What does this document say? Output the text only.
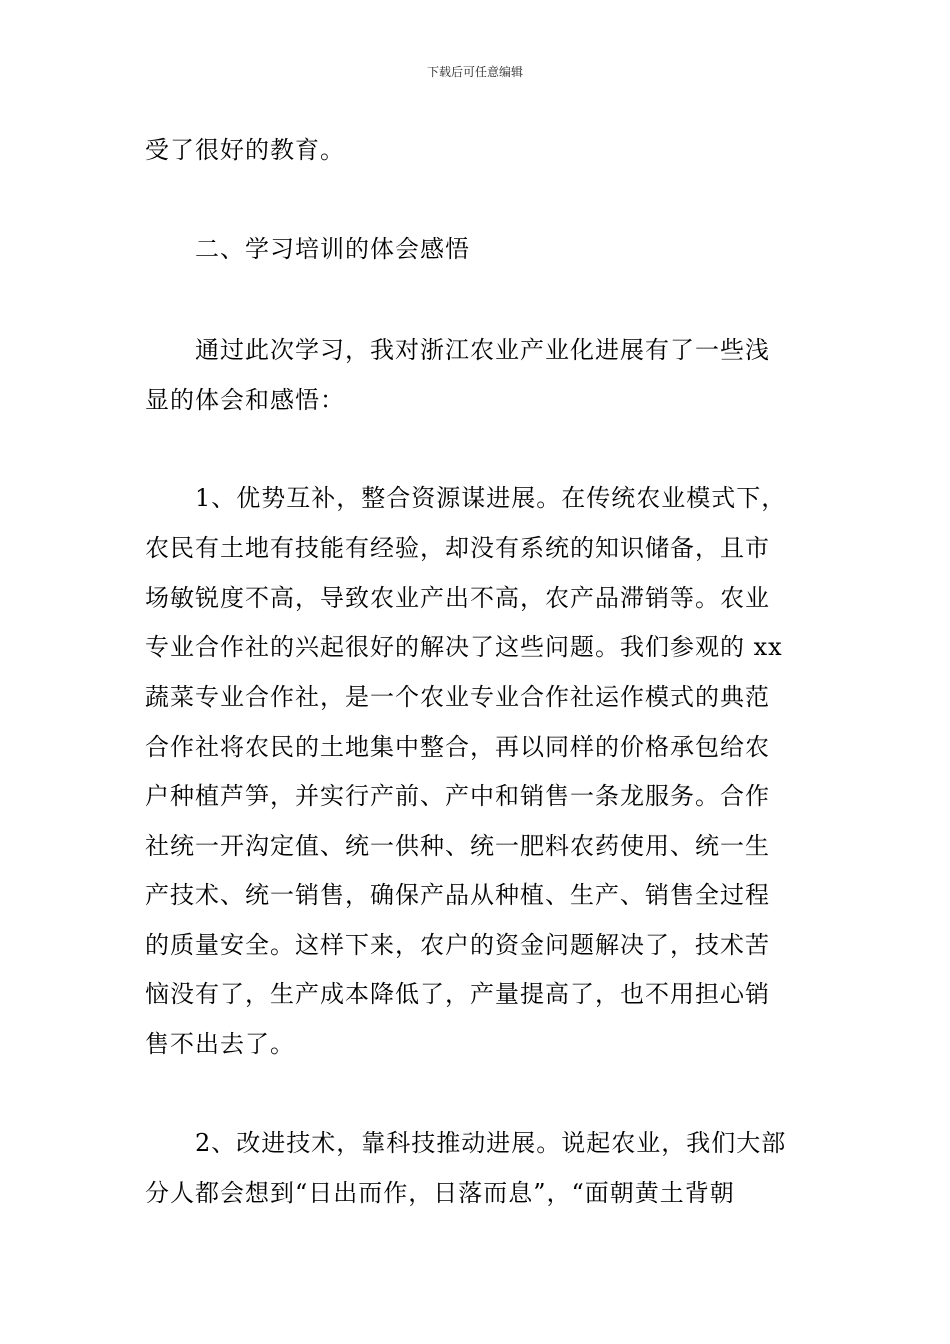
下载后可任意编辑
受了很好的教育。
　　二、学习培训的体会感悟
　　通过此次学习，我对浙江农业产业化进展有了一些浅
显的体会和感悟：
　　1、优势互补，整合资源谋进展。在传统农业模式下，
农民有土地有技能有经验，却没有系统的知识储备，且市
场敏锐度不高，导致农业产出不高，农产品滞销等。农业
专业合作社的兴起很好的解决了这些问题。我们参观的 xx
蔬菜专业合作社，是一个农业专业合作社运作模式的典范
合作社将农民的土地集中整合，再以同样的价格承包给农
户种植芦笋，并实行产前、产中和销售一条龙服务。合作
社统一开沟定值、统一供种、统一肥料农药使用、统一生
产技术、统一销售，确保产品从种植、生产、销售全过程
的质量安全。这样下来，农户的资金问题解决了，技术苦
恼没有了，生产成本降低了，产量提高了，也不用担心销
售不出去了。
　　2、改进技术，靠科技推动进展。说起农业，我们大部
分人都会想到“日出而作，日落而息”，“面朝黄土背朝
